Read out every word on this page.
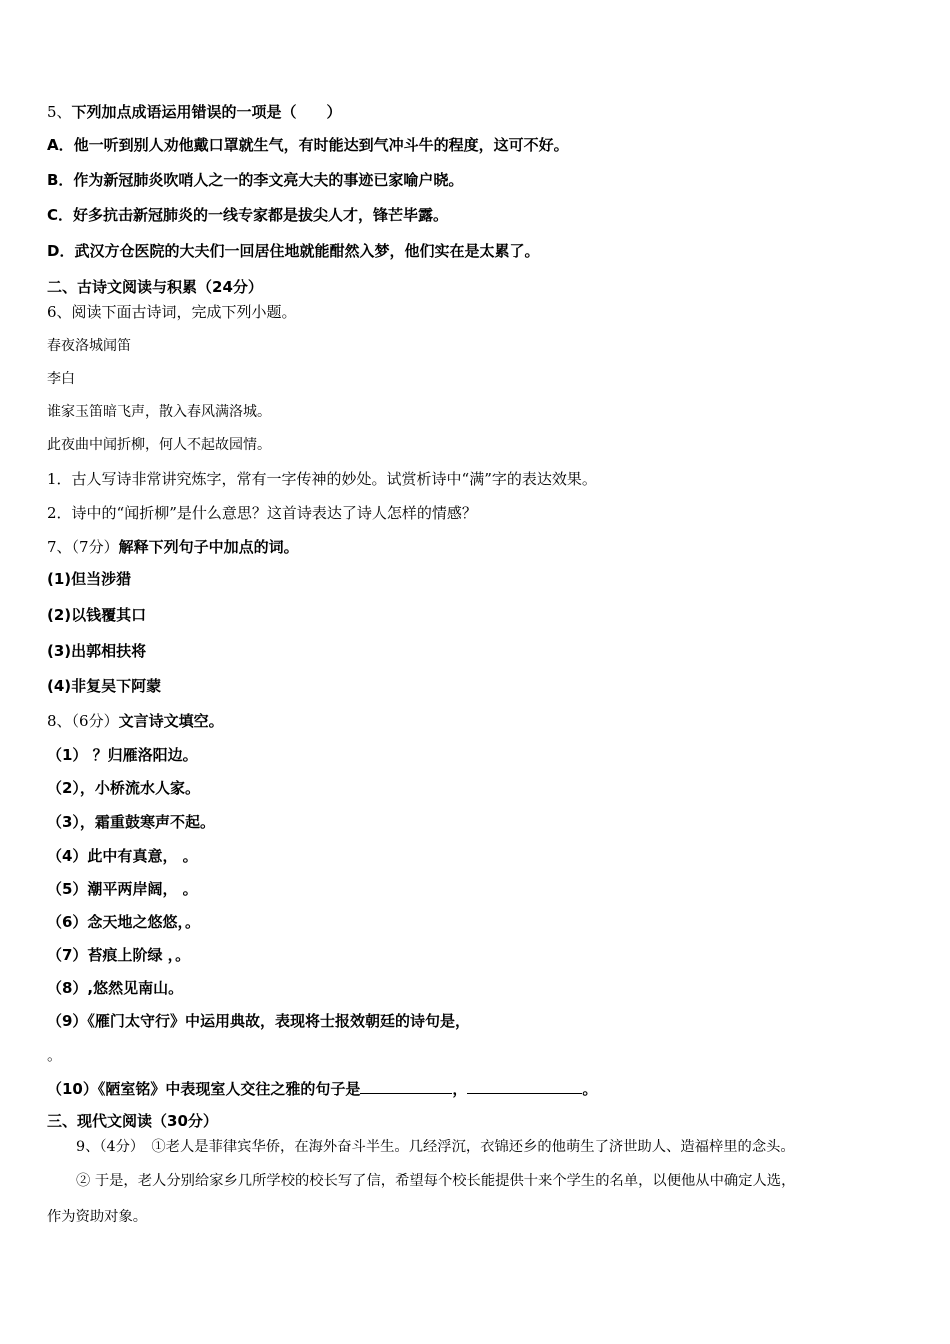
5、下列加点成语运用错误的一项是（　　）
A．他一听到别人劝他戴口罩就生气，有时能达到气冲斗牛的程度，这可不好。
B．作为新冠肺炎吹哨人之一的李文亮大夫的事迹已家喻户晓。
C．好多抗击新冠肺炎的一线专家都是拔尖人才，锋芒毕露。
D．武汉方仓医院的大夫们一回居住地就能酣然入梦，他们实在是太累了。
二、古诗文阅读与积累（24分）
6、阅读下面古诗词，完成下列小题。
春夜洛城闻笛
李白
谁家玉笛暗飞声，散入春风满洛城。
此夜曲中闻折柳，何人不起故园情。
1．古人写诗非常讲究炼字，常有一字传神的妙处。试赏析诗中“满”字的表达效果。
2．诗中的“闻折柳”是什么意思？这首诗表达了诗人怎样的情感？
7、（7分）解释下列句子中加点的词。
(1)但当涉猎
(2)以钱覆其口
(3)出郭相扶将
(4)非复吴下阿蒙
8、（6分）文言诗文填空。
（1） ？归雁洛阳边。
（2），小桥流水人家。
（3），霜重鼓寒声不起。
（4）此中有真意， 。
（5）潮平两岸阔， 。
（6）念天地之悠悠，。
（7）苔痕上阶绿 ，。
（8）,悠然见南山。
（9）《雁门太守行》中运用典故，表现将士报效朝廷的诗句是，
。
（10）《陋室铭》中表现室人交往之雅的句子是	，	。
三、现代文阅读（30分）
9、（4分）　①老人是菲律宾华侨，在海外奋斗半生。几经浮沉，衣锦还乡的他萌生了济世助人、造福梓里的念头。
② 于是，老人分别给家乡几所学校的校长写了信，希望每个校长能提供十来个学生的名单，以便他从中确定人选，
作为资助对象。
